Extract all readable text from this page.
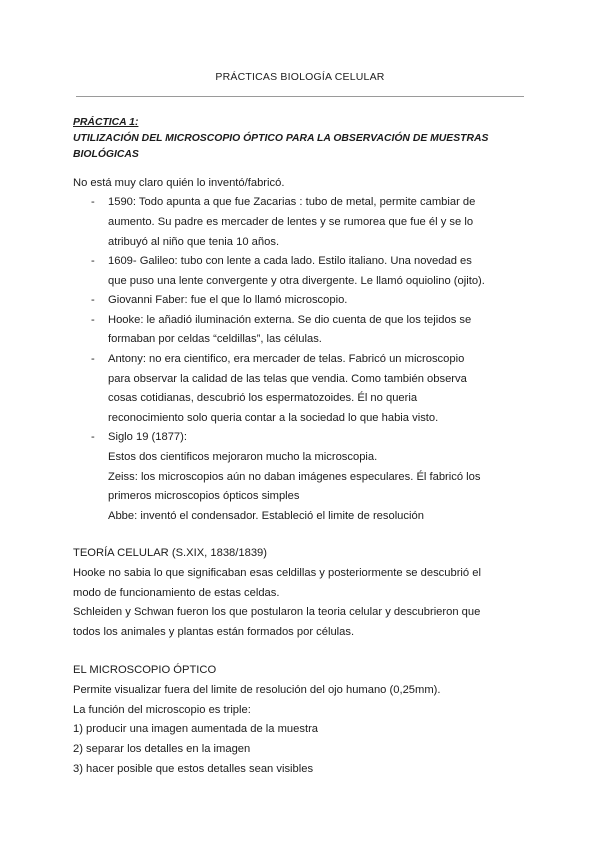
PRÁCTICAS BIOLOGÍA CELULAR
PRÁCTICA 1:
UTILIZACIÓN DEL MICROSCOPIO ÓPTICO PARA LA OBSERVACIÓN DE MUESTRAS
BIOLÓGICAS
No está muy claro quién lo inventó/fabricó.
- 1590: Todo apunta a que fue Zacarias : tubo de metal, permite cambiar de
aumento. Su padre es mercader de lentes y se rumorea que fue él y se lo
atribuyó al niño que tenia 10 años.
- 1609- Galileo: tubo con lente a cada lado. Estilo italiano. Una novedad es
que puso una lente convergente y otra divergente. Le llamó oquiolino (ojito).
- Giovanni Faber: fue el que lo llamó microscopio.
- Hooke: le añadió iluminación externa. Se dio cuenta de que los tejidos se
formaban por celdas “celdillas”, las células.
- Antony: no era cientifico, era mercader de telas. Fabricó un microscopio
para observar la calidad de las telas que vendia. Como también observa
cosas cotidianas, descubrió los espermatozoides. Él no queria
reconocimiento solo queria contar a la sociedad lo que habia visto.
- Siglo 19 (1877):
Estos dos cientificos mejoraron mucho la microscopia.
Zeiss: los microscopios aún no daban imágenes especulares. Él fabricó los
primeros microscopios ópticos simples
Abbe: inventó el condensador. Estableció el limite de resolución
TEORÍA CELULAR (S.XIX, 1838/1839)
Hooke no sabia lo que significaban esas celdillas y posteriormente se descubrió el
modo de funcionamiento de estas celdas.
Schleiden y Schwan fueron los que postularon la teoria celular y descubrieron que
todos los animales y plantas están formados por células.
EL MICROSCOPIO ÓPTICO
Permite visualizar fuera del limite de resolución del ojo humano (0,25mm).
La función del microscopio es triple:
1) producir una imagen aumentada de la muestra
2) separar los detalles en la imagen
3) hacer posible que estos detalles sean visibles
